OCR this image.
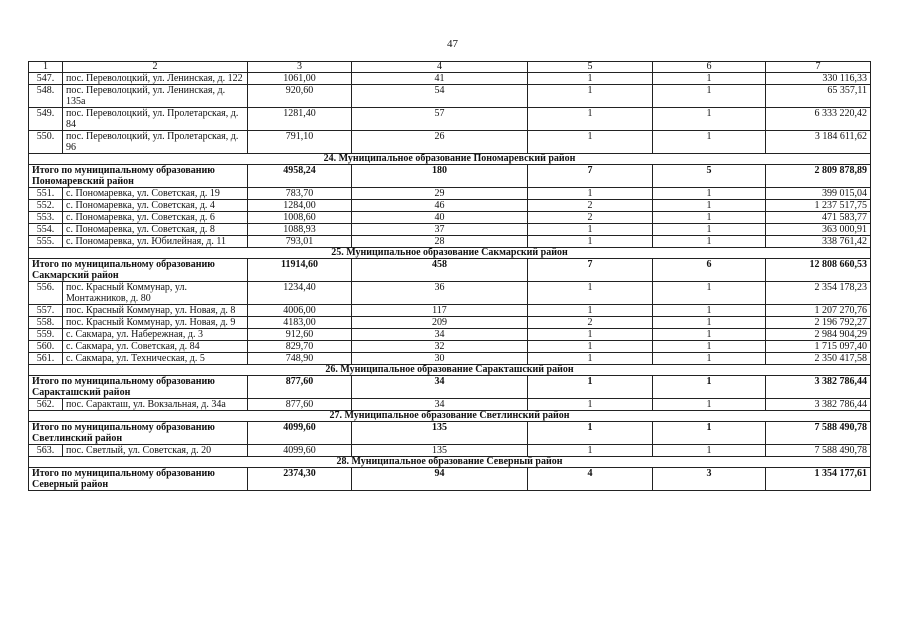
47
1	2	3	4	5	6	7
547.	пос. Переволоцкий, ул. Ленинская, д. 122	1061,00	41	1	1	330 116,33
548.	пос. Переволоцкий, ул. Ленинская, д. 135а	920,60	54	1	1	65 357,11
549.	пос. Переволоцкий, ул. Пролетарская, д. 84	1281,40	57	1	1	6 333 220,42
550.	пос. Переволоцкий, ул. Пролетарская, д. 96	791,10	26	1	1	3 184 611,62
24. Муниципальное образование Пономаревский район						
Итого по муниципальному образованию Пономаревский район		4958,24	180	7	5	2 809 878,89
551.	с. Пономаревка, ул. Советская, д. 19	783,70	29	1	1	399 015,04
552.	с. Пономаревка, ул. Советская, д. 4	1284,00	46	2	1	1 237 517,75
553.	с. Пономаревка, ул. Советская, д. 6	1008,60	40	2	1	471 583,77
554.	с. Пономаревка, ул. Советская, д. 8	1088,93	37	1	1	363 000,91
555.	с. Пономаревка, ул. Юбилейная, д. 11	793,01	28	1	1	338 761,42
25. Муниципальное образование Сакмарский район						
Итого по муниципальному образованию Сакмарский район		11914,60	458	7	6	12 808 660,53
556.	пос. Красный Коммунар, ул. Монтажников, д. 80	1234,40	36	1	1	2 354 178,23
557.	пос. Красный Коммунар, ул. Новая, д. 8	4006,00	117	1	1	1 207 270,76
558.	пос. Красный Коммунар, ул. Новая, д. 9	4183,00	209	2	1	2 196 792,27
559.	с. Сакмара, ул. Набережная, д. 3	912,60	34	1	1	2 984 904,29
560.	с. Сакмара, ул. Советская, д. 84	829,70	32	1	1	1 715 097,40
561.	с. Сакмара, ул. Техническая, д. 5	748,90	30	1	1	2 350 417,58
26. Муниципальное образование Саракташский район						
Итого по муниципальному образованию Саракташский район		877,60	34	1	1	3 382 786,44
562.	пос. Саракташ, ул. Вокзальная, д. 34а	877,60	34	1	1	3 382 786,44
27. Муниципальное образование Светлинский район						
Итого по муниципальному образованию Светлинский район		4099,60	135	1	1	7 588 490,78
563.	пос. Светлый, ул. Советская, д. 20	4099,60	135	1	1	7 588 490,78
28. Муниципальное образование Северный район						
Итого по муниципальному образованию Северный район		2374,30	94	4	3	1 354 177,61
